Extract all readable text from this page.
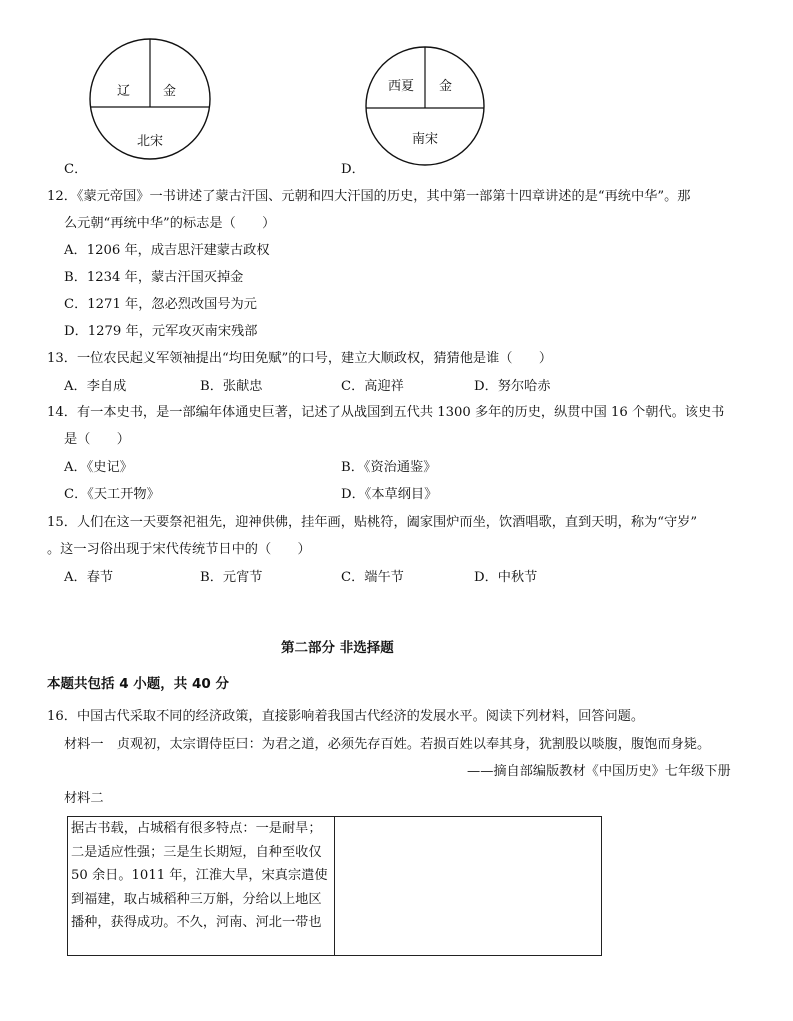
辽	金
北宋
C．
西夏 金
南宋
D．
12．《蒙元帝国》一书讲述了蒙古汗国、元朝和四大汗国的历史，其中第一部第十四章讲述的是“再统中华”。那
么元朝“再统中华”的标志是（　　）
A．1206 年，成吉思汗建蒙古政权
B．1234 年，蒙古汗国灭掉金
C．1271 年，忽必烈改国号为元
D．1279 年，元军攻灭南宋残部
13．一位农民起义军领袖提出“均田免赋”的口号，建立大顺政权，猜猜他是谁（　　）
A．李自成	B．张献忠	C．高迎祥	D．努尔哈赤
14．有一本史书，是一部编年体通史巨著，记述了从战国到五代共 1300 多年的历史，纵贯中国 16 个朝代。该史书
是（　　）
A．《史记》	B．《资治通鉴》
C．《天工开物》	D．《本草纲目》
15．人们在这一天要祭祀祖先，迎神供佛，挂年画，贴桃符，阖家围炉而坐，饮酒唱歌，直到天明，称为“守岁”
。这一习俗出现于宋代传统节日中的（　　）
A．春节	B．元宵节	C．端午节	D．中秋节
第二部分 非选择题
本题共包括 4 小题，共 40 分
16．中国古代采取不同的经济政策，直接影响着我国古代经济的发展水平。阅读下列材料，回答问题。
材料一　贞观初，太宗谓侍臣曰：为君之道，必须先存百姓。若损百姓以奉其身，犹割股以啖腹，腹饱而身毙。
——摘自部编版教材《中国历史》七年级下册
材料二
据古书载，占城稻有很多特点：一是耐旱；
二是适应性强；三是生长期短，自种至收仅
50 余日。1011 年，江淮大旱，宋真宗遣使
到福建，取占城稻种三万斛，分给以上地区
播种，获得成功。不久，河南、河北一带也
